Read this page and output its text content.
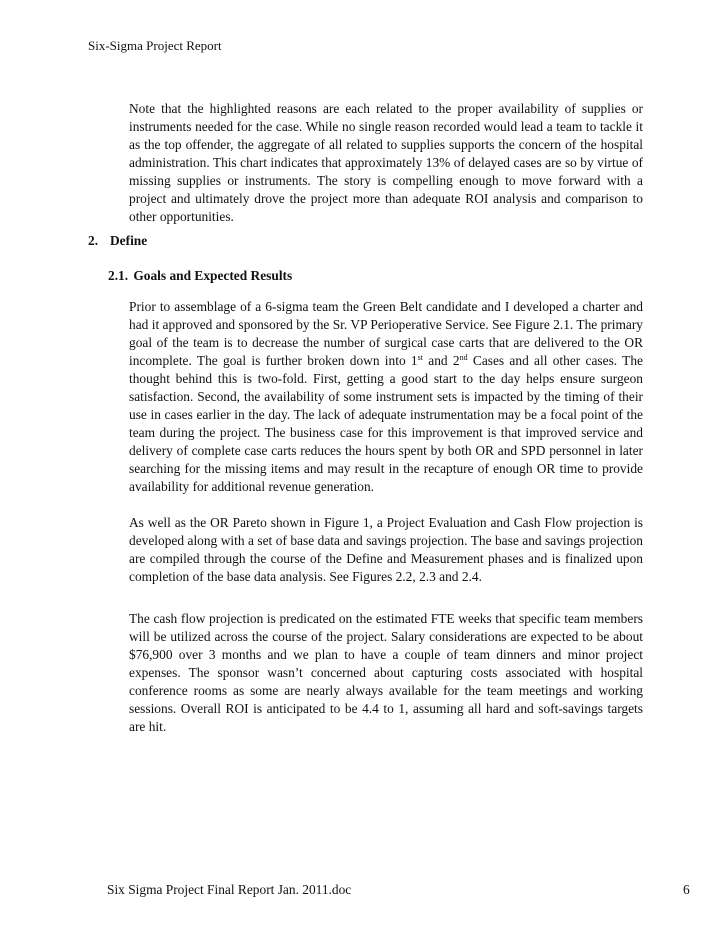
Six-Sigma Project Report

Note that the highlighted reasons are each related to the proper availability of supplies or instruments needed for the case. While no single reason recorded would lead a team to tackle it as the top offender, the aggregate of all related to supplies supports the concern of the hospital administration. This chart indicates that approximately 13% of delayed cases are so by virtue of missing supplies or instruments. The story is compelling enough to move forward with a project and ultimately drove the project more than adequate ROI analysis and comparison to other opportunities.

2. Define
2.1. Goals and Expected Results

Prior to assemblage of a 6-sigma team the Green Belt candidate and I developed a charter and had it approved and sponsored by the Sr. VP Perioperative Service. See Figure 2.1. The primary goal of the team is to decrease the number of surgical case carts that are delivered to the OR incomplete. The goal is further broken down into 1st and 2nd Cases and all other cases. The thought behind this is two-fold. First, getting a good start to the day helps ensure surgeon satisfaction. Second, the availability of some instrument sets is impacted by the timing of their use in cases earlier in the day. The lack of adequate instrumentation may be a focal point of the team during the project. The business case for this improvement is that improved service and delivery of complete case carts reduces the hours spent by both OR and SPD personnel in later searching for the missing items and may result in the recapture of enough OR time to provide availability for additional revenue generation.

As well as the OR Pareto shown in Figure 1, a Project Evaluation and Cash Flow projection is developed along with a set of base data and savings projection. The base and savings projection are compiled through the course of the Define and Measurement phases and is finalized upon completion of the base data analysis. See Figures 2.2, 2.3 and 2.4.

The cash flow projection is predicated on the estimated FTE weeks that specific team members will be utilized across the course of the project. Salary considerations are expected to be about $76,900 over 3 months and we plan to have a couple of team dinners and minor project expenses. The sponsor wasn’t concerned about capturing costs associated with hospital conference rooms as some are nearly always available for the team meetings and working sessions. Overall ROI is anticipated to be 4.4 to 1, assuming all hard and soft-savings targets are hit.

Six Sigma Project Final Report Jan. 2011.doc	6
